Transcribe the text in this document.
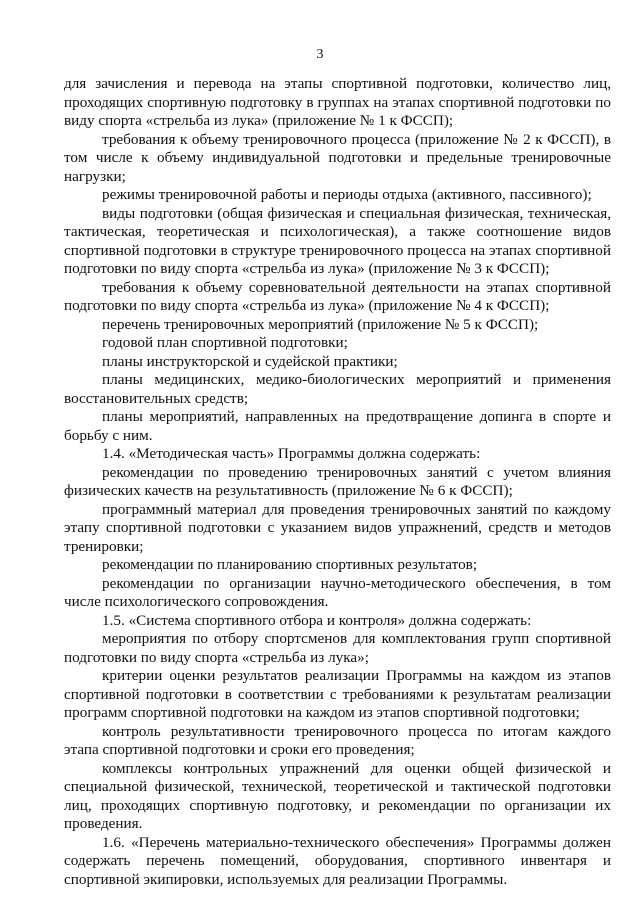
3

для зачисления и перевода на этапы спортивной подготовки, количество лиц, проходящих спортивную подготовку в группах на этапах спортивной подготовки по виду спорта «стрельба из лука» (приложение № 1 к ФССП);

требования к объему тренировочного процесса (приложение № 2 к ФССП), в том числе к объему индивидуальной подготовки и предельные тренировочные нагрузки;

режимы тренировочной работы и периоды отдыха (активного, пассивного);

виды подготовки (общая физическая и специальная физическая, техническая, тактическая, теоретическая и психологическая), а также соотношение видов спортивной подготовки в структуре тренировочного процесса на этапах спортивной подготовки по виду спорта «стрельба из лука» (приложение № 3 к ФССП);

требования к объему соревновательной деятельности на этапах спортивной подготовки по виду спорта «стрельба из лука» (приложение № 4 к ФССП);

перечень тренировочных мероприятий (приложение № 5 к ФССП);

годовой план спортивной подготовки;

планы инструкторской и судейской практики;

планы медицинских, медико-биологических мероприятий и применения восстановительных средств;

планы мероприятий, направленных на предотвращение допинга в спорте и борьбу с ним.

1.4. «Методическая часть» Программы должна содержать:

рекомендации по проведению тренировочных занятий с учетом влияния физических качеств на результативность (приложение № 6 к ФССП);

программный материал для проведения тренировочных занятий по каждому этапу спортивной подготовки с указанием видов упражнений, средств и методов тренировки;

рекомендации по планированию спортивных результатов;

рекомендации по организации научно-методического обеспечения, в том числе психологического сопровождения.

1.5. «Система спортивного отбора и контроля» должна содержать:

мероприятия по отбору спортсменов для комплектования групп спортивной подготовки по виду спорта «стрельба из лука»;

критерии оценки результатов реализации Программы на каждом из этапов спортивной подготовки в соответствии с требованиями к результатам реализации программ спортивной подготовки на каждом из этапов спортивной подготовки;

контроль результативности тренировочного процесса по итогам каждого этапа спортивной подготовки и сроки его проведения;

комплексы контрольных упражнений для оценки общей физической и специальной физической, технической, теоретической и тактической подготовки лиц, проходящих спортивную подготовку, и рекомендации по организации их проведения.

1.6. «Перечень материально-технического обеспечения» Программы должен содержать перечень помещений, оборудования, спортивного инвентаря и спортивной экипировки, используемых для реализации Программы.
